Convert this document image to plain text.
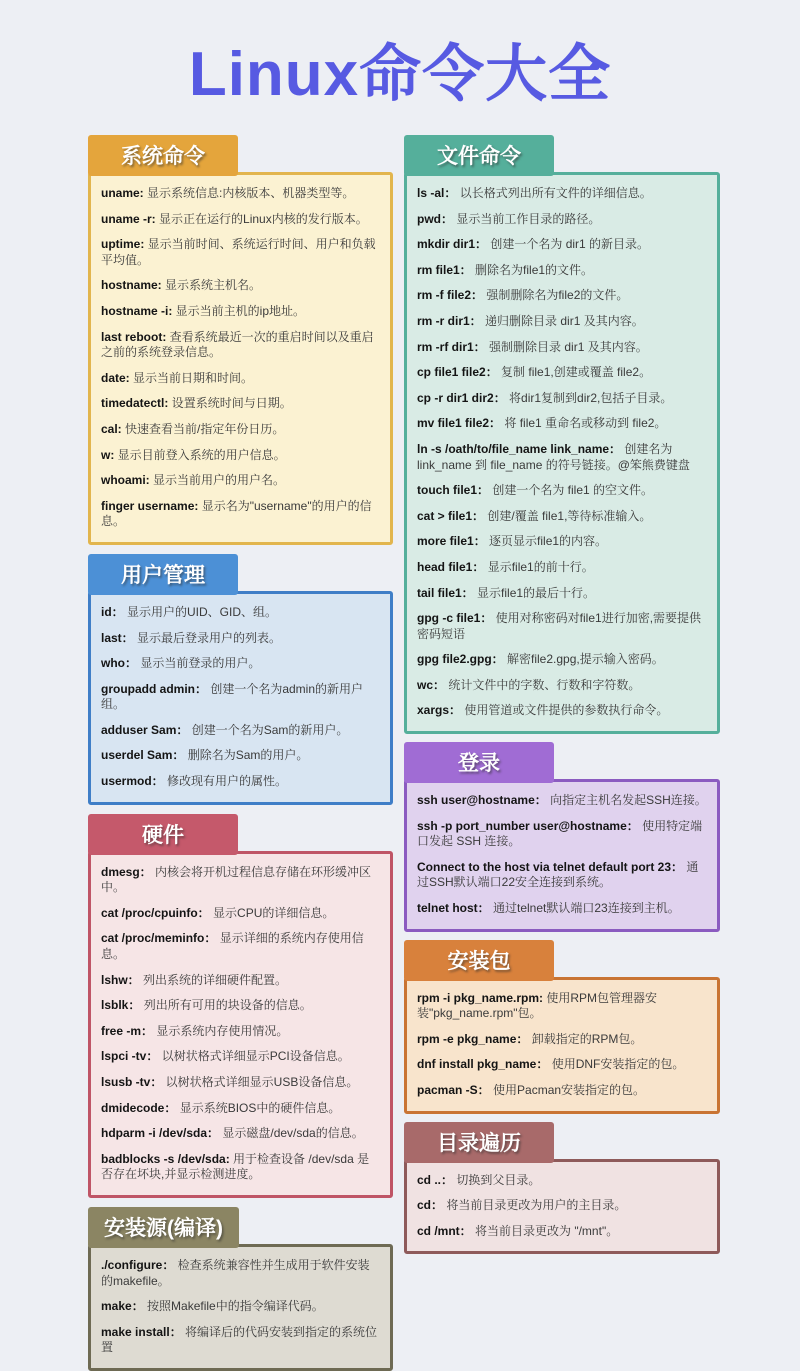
Linux命令大全
系统命令

uname: 显示系统信息:内核版本、机器类型等。

uname -r: 显示正在运行的Linux内核的发行版本。

uptime: 显示当前时间、系统运行时间、用户和负载平均值。

hostname: 显示系统主机名。

hostname -i: 显示当前主机的ip地址。

last reboot: 查看系统最近一次的重启时间以及重启之前的系统登录信息。

date: 显示当前日期和时间。

timedatectl: 设置系统时间与日期。

cal: 快速查看当前/指定年份日历。

w: 显示目前登入系统的用户信息。

whoami: 显示当前用户的用户名。

finger username: 显示名为"username"的用户的信息。

用户管理

id： 显示用户的UID、GID、组。

last： 显示最后登录用户的列表。

who： 显示当前登录的用户。

groupadd admin： 创建一个名为admin的新用户组。

adduser Sam： 创建一个名为Sam的新用户。

userdel Sam： 删除名为Sam的用户。

usermod： 修改现有用户的属性。

硬件

dmesg： 内核会将开机过程信息存储在环形缓冲区中。

cat /proc/cpuinfo： 显示CPU的详细信息。

cat /proc/meminfo： 显示详细的系统内存使用信息。

lshw： 列出系统的详细硬件配置。

lsblk： 列出所有可用的块设备的信息。

free -m： 显示系统内存使用情况。

lspci -tv： 以树状格式详细显示PCI设备信息。

lsusb -tv： 以树状格式详细显示USB设备信息。

dmidecode： 显示系统BIOS中的硬件信息。

hdparm -i /dev/sda： 显示磁盘/dev/sda的信息。

badblocks -s /dev/sda: 用于检查设备 /dev/sda 是否存在坏块,并显示检测进度。

安装源(编译)

./configure： 检查系统兼容性并生成用于软件安装的makefile。

make： 按照Makefile中的指令编译代码。

make install： 将编译后的代码安装到指定的系统位置

文件命令

ls -al： 以长格式列出所有文件的详细信息。

pwd： 显示当前工作目录的路径。

mkdir dir1： 创建一个名为 dir1 的新目录。

rm file1： 删除名为file1的文件。

rm -f file2： 强制删除名为file2的文件。

rm -r dir1： 递归删除目录 dir1 及其内容。

rm -rf dir1： 强制删除目录 dir1 及其内容。

cp file1 file2： 复制 file1,创建或覆盖 file2。

cp -r dir1 dir2： 将dir1复制到dir2,包括子目录。

mv file1 file2： 将 file1 重命名或移动到 file2。

ln -s /oath/to/file_name link_name： 创建名为 link_name 到 file_name 的符号链接。@笨熊费键盘

touch file1： 创建一个名为 file1 的空文件。

cat > file1： 创建/覆盖 file1,等待标准输入。

more file1： 逐页显示file1的内容。

head file1： 显示file1的前十行。

tail file1： 显示file1的最后十行。

gpg -c file1： 使用对称密码对file1进行加密,需要提供密码短语

gpg file2.gpg： 解密file2.gpg,提示输入密码。

wc： 统计文件中的字数、行数和字符数。

xargs： 使用管道或文件提供的参数执行命令。

登录

ssh user@hostname： 向指定主机名发起SSH连接。

ssh -p port_number user@hostname： 使用特定端口发起 SSH 连接。

Connect to the host via telnet default port 23： 通过SSH默认端口22安全连接到系统。

telnet host： 通过telnet默认端口23连接到主机。

安装包

rpm -i pkg_name.rpm: 使用RPM包管理器安装"pkg_name.rpm"包。

rpm -e pkg_name： 卸载指定的RPM包。

dnf install pkg_name： 使用DNF安装指定的包。

pacman -S： 使用Pacman安装指定的包。

目录遍历

cd ..： 切换到父目录。

cd： 将当前目录更改为用户的主目录。

cd /mnt： 将当前目录更改为 "/mnt"。
